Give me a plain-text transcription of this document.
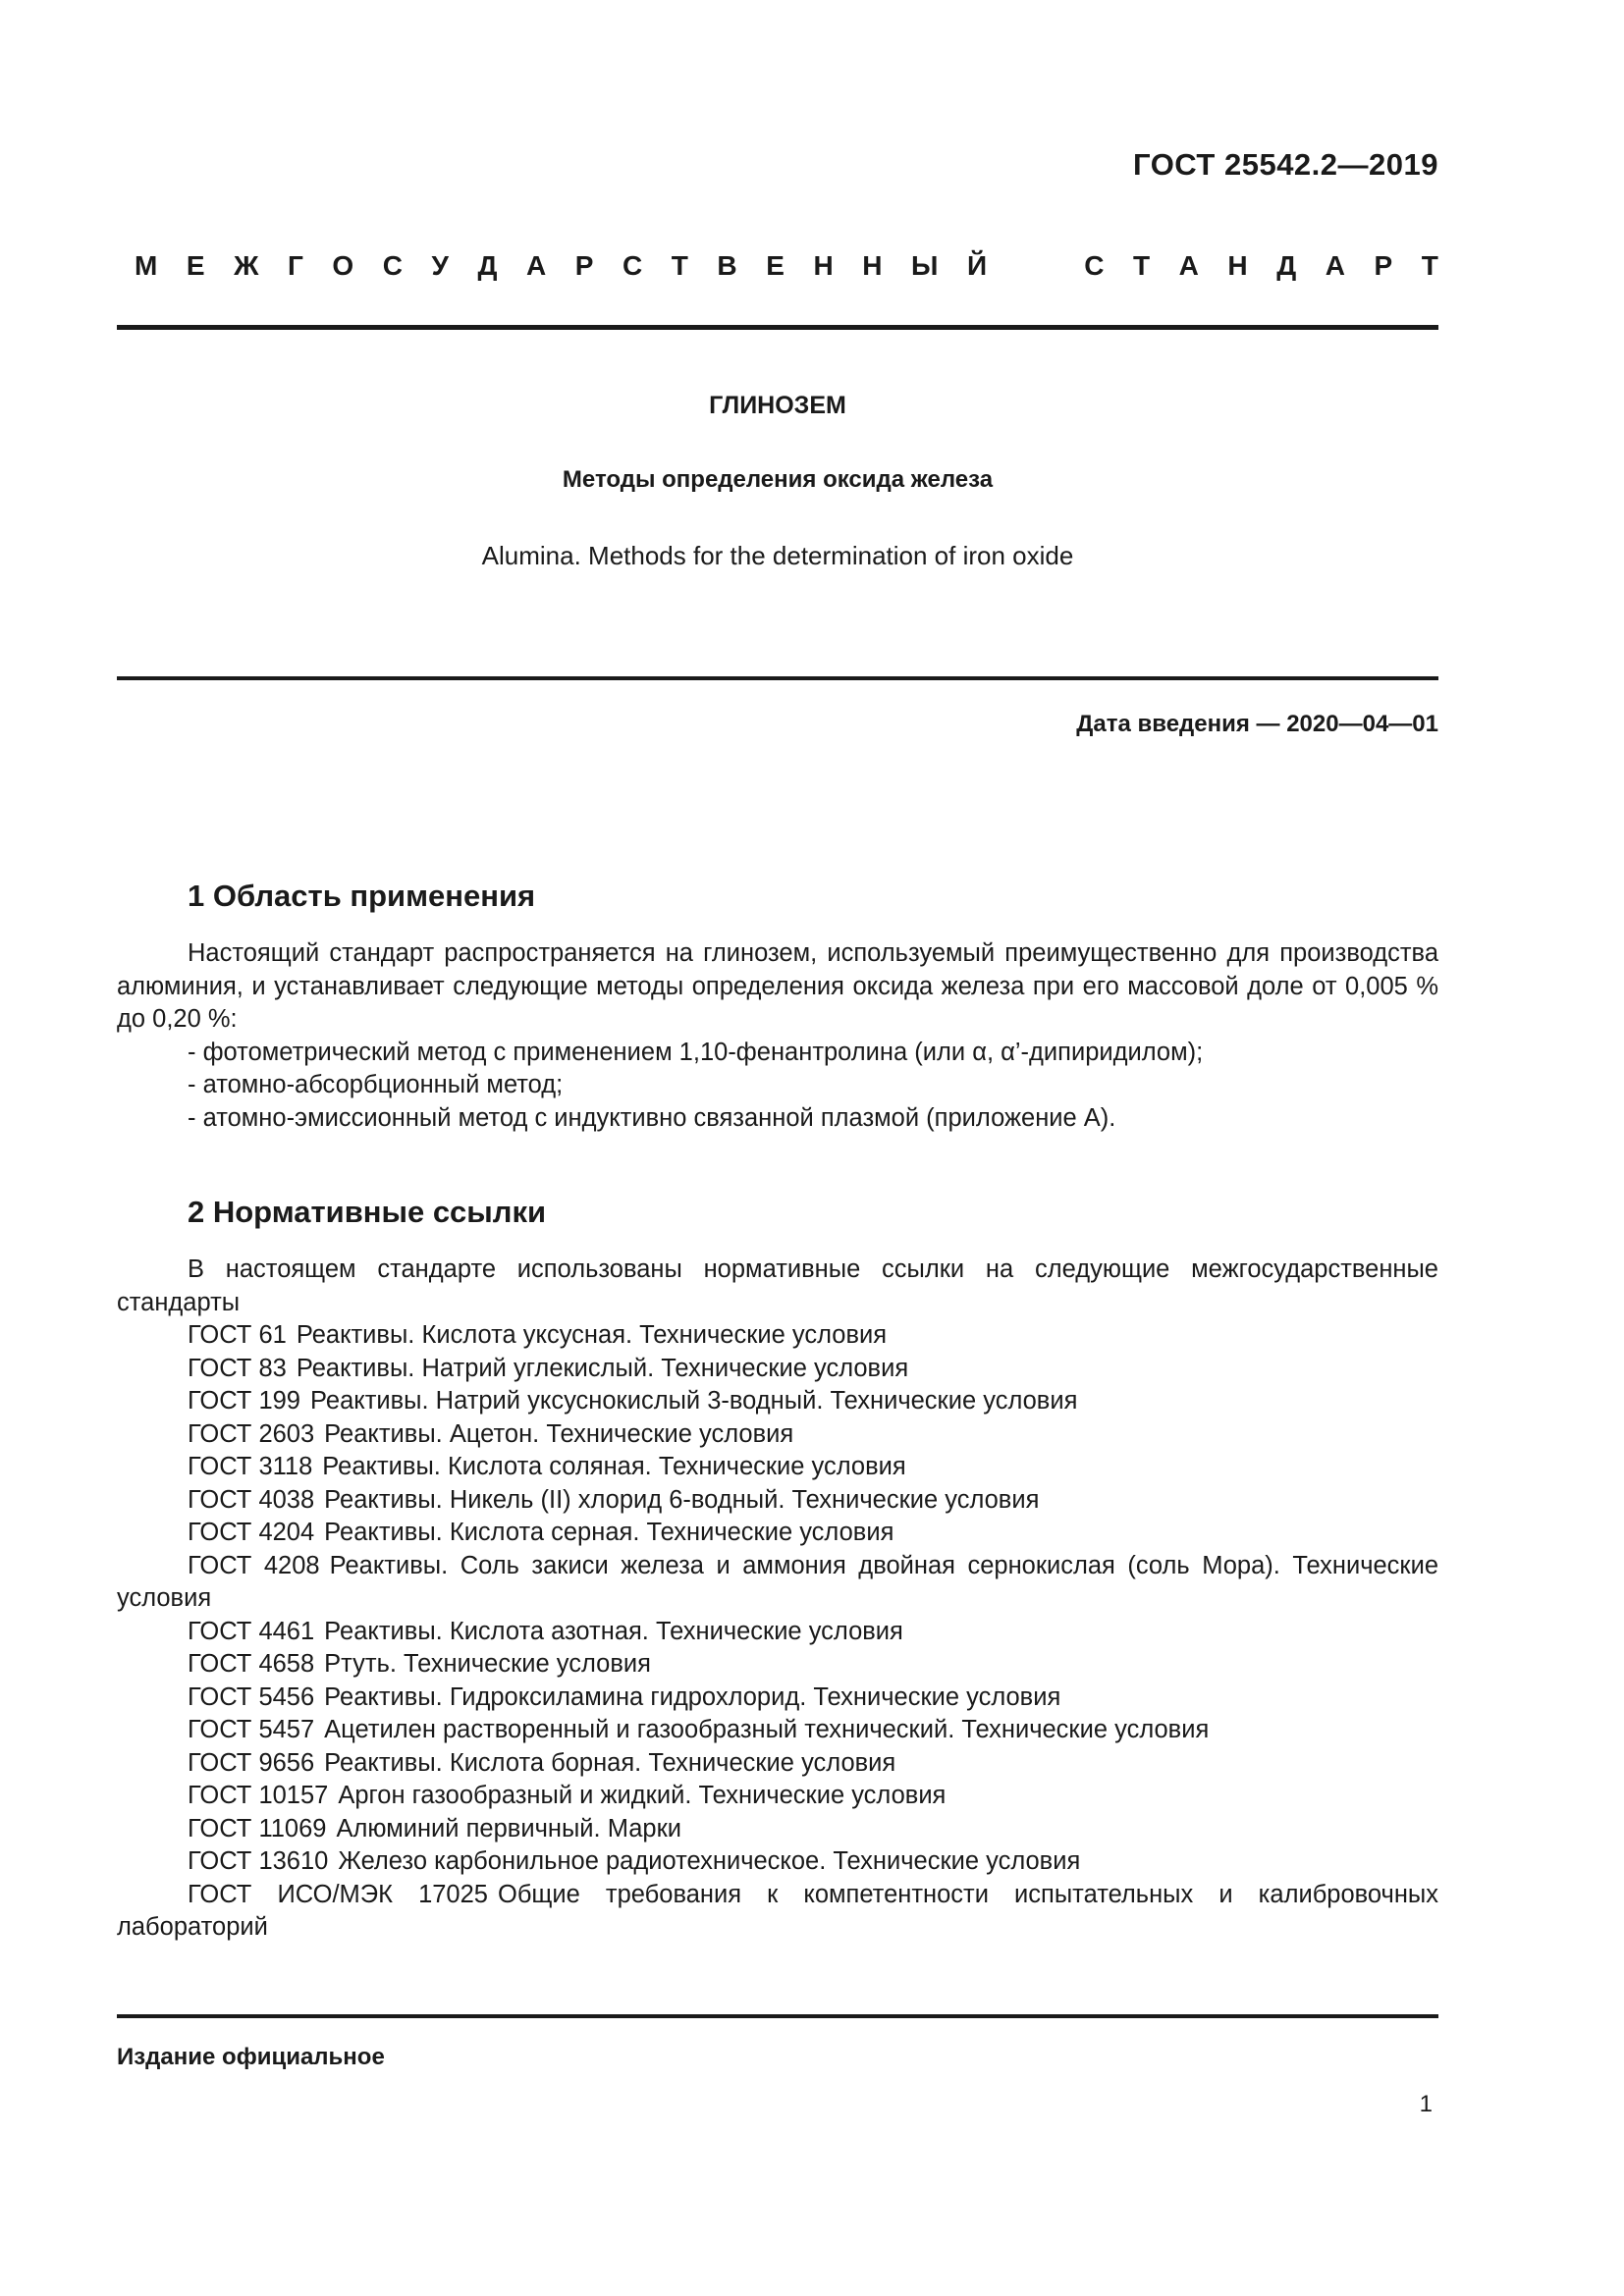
ГОСТ 25542.2—2019
М Е Ж Г О С У Д А Р С Т В Е Н Н Ы Й	С Т А Н Д А Р Т
ГЛИНОЗЕМ
Методы определения оксида железа
Alumina. Methods for the determination of iron oxide
Дата введения — 2020—04—01
1 Область применения

Настоящий стандарт распространяется на глинозем, используемый преимущественно для производства алюминия, и устанавливает следующие методы определения оксида железа при его массовой доле от 0,005 % до 0,20 %:

- фотометрический метод с применением 1,10-фенантролина (или α, α’-дипиридилом);

- атомно-абсорбционный метод;

- атомно-эмиссионный метод с индуктивно связанной плазмой (приложение А).

2 Нормативные ссылки

В настоящем стандарте использованы нормативные ссылки на следующие межгосударственные стандарты

ГОСТ 61 Реактивы. Кислота уксусная. Технические условия

ГОСТ 83 Реактивы. Натрий углекислый. Технические условия

ГОСТ 199 Реактивы. Натрий уксуснокислый 3-водный. Технические условия

ГОСТ 2603 Реактивы. Ацетон. Технические условия

ГОСТ 3118 Реактивы. Кислота соляная. Технические условия

ГОСТ 4038 Реактивы. Никель (II) хлорид 6-водный. Технические условия

ГОСТ 4204 Реактивы. Кислота серная. Технические условия

ГОСТ 4208 Реактивы. Соль закиси железа и аммония двойная сернокислая (соль Мора). Технические условия

ГОСТ 4461 Реактивы. Кислота азотная. Технические условия

ГОСТ 4658 Ртуть. Технические условия

ГОСТ 5456 Реактивы. Гидроксиламина гидрохлорид. Технические условия

ГОСТ 5457 Ацетилен растворенный и газообразный технический. Технические условия

ГОСТ 9656 Реактивы. Кислота борная. Технические условия

ГОСТ 10157 Аргон газообразный и жидкий. Технические условия

ГОСТ 11069 Алюминий первичный. Марки

ГОСТ 13610 Железо карбонильное радиотехническое. Технические условия

ГОСТ ИСО/МЭК 17025 Общие требования к компетентности испытательных и калибровочных лабораторий

Издание официальное
1
